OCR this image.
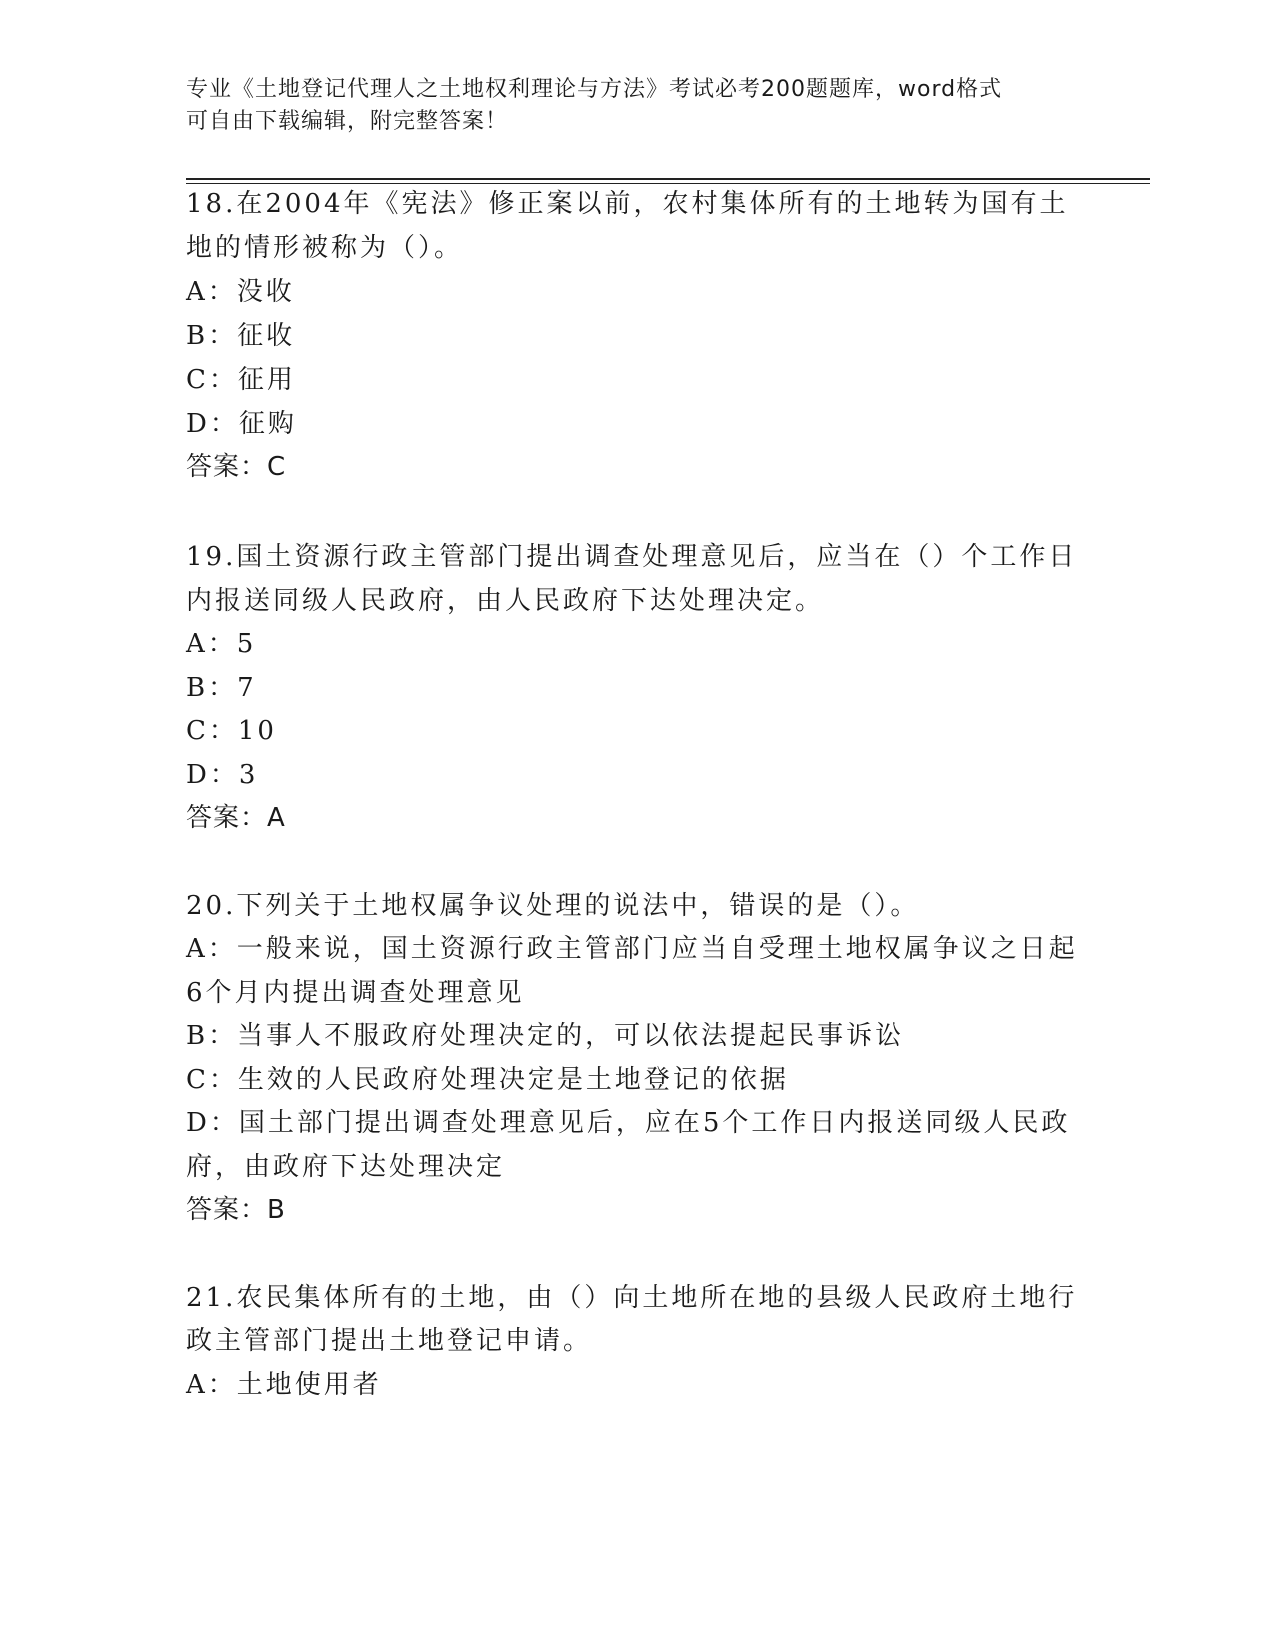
专业《土地登记代理人之土地权利理论与方法》考试必考200题题库，word格式
可自由下载编辑，附完整答案！
18.在2004年《宪法》修正案以前，农村集体所有的土地转为国有土
地的情形被称为（）。
A：没收
B：征收
C：征用
D：征购
答案：C
19.国土资源行政主管部门提出调查处理意见后，应当在（）个工作日
内报送同级人民政府，由人民政府下达处理决定。
A：5
B：7
C：10
D：3
答案：A
20.下列关于土地权属争议处理的说法中，错误的是（）。
A：一般来说，国土资源行政主管部门应当自受理土地权属争议之日起
6个月内提出调查处理意见
B：当事人不服政府处理决定的，可以依法提起民事诉讼
C：生效的人民政府处理决定是土地登记的依据
D：国土部门提出调查处理意见后，应在5个工作日内报送同级人民政
府，由政府下达处理决定
答案：B
21.农民集体所有的土地，由（）向土地所在地的县级人民政府土地行
政主管部门提出土地登记申请。
A：土地使用者
